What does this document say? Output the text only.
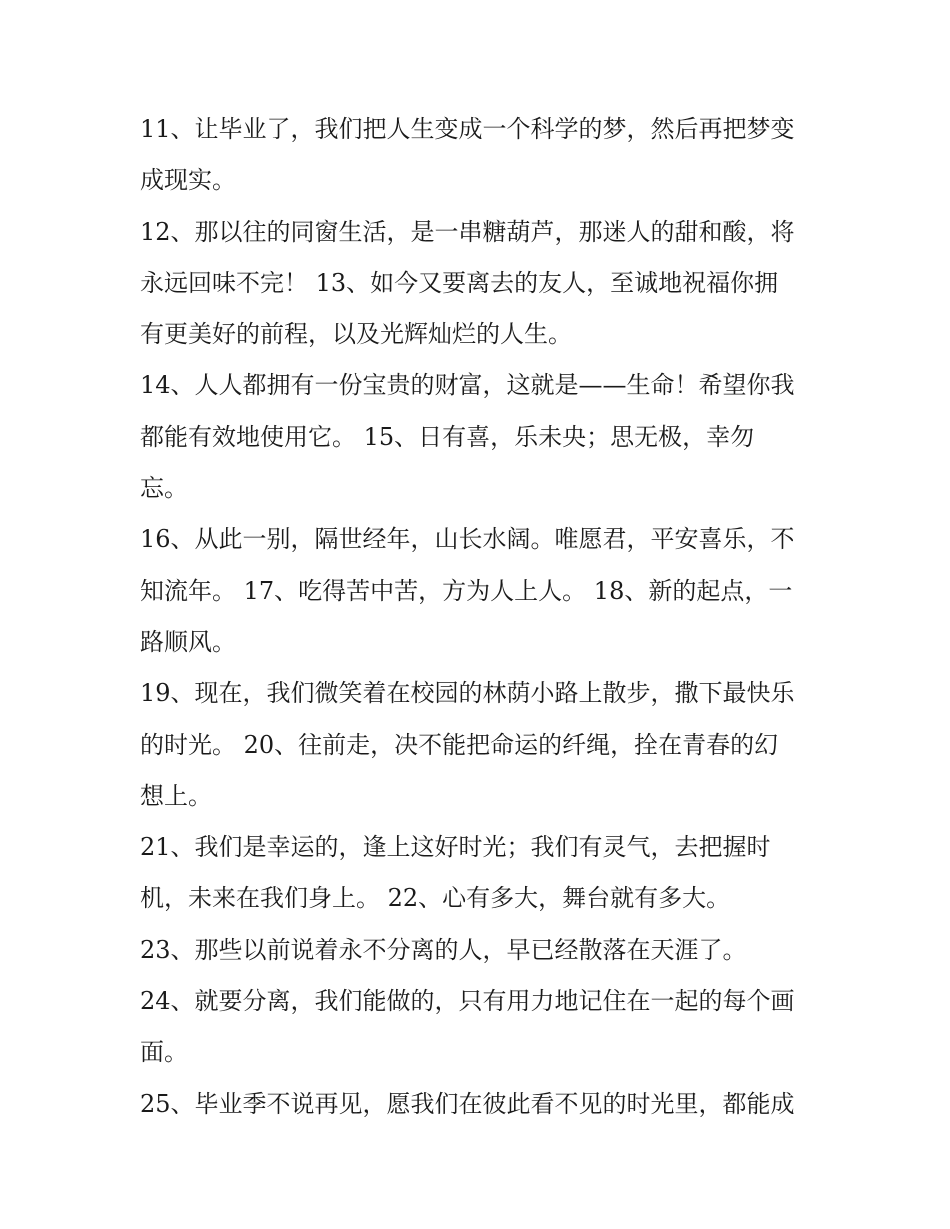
11、让毕业了，我们把人生变成一个科学的梦，然后再把梦变
成现实。
12、那以往的同窗生活，是一串糖葫芦，那迷人的甜和酸，将
永远回味不完！ 13、如今又要离去的友人，至诚地祝福你拥
有更美好的前程，以及光辉灿烂的人生。
14、人人都拥有一份宝贵的财富，这就是——生命！希望你我
都能有效地使用它。 15、日有喜，乐未央；思无极，幸勿
忘。
16、从此一别，隔世经年，山长水阔。唯愿君，平安喜乐，不
知流年。 17、吃得苦中苦，方为人上人。 18、新的起点，一
路顺风。
19、现在，我们微笑着在校园的林荫小路上散步，撒下最快乐
的时光。 20、往前走，决不能把命运的纤绳，拴在青春的幻
想上。
21、我们是幸运的，逢上这好时光；我们有灵气，去把握时
机，未来在我们身上。 22、心有多大，舞台就有多大。
23、那些以前说着永不分离的人，早已经散落在天涯了。
24、就要分离，我们能做的，只有用力地记住在一起的每个画
面。
25、毕业季不说再见，愿我们在彼此看不见的时光里，都能成
